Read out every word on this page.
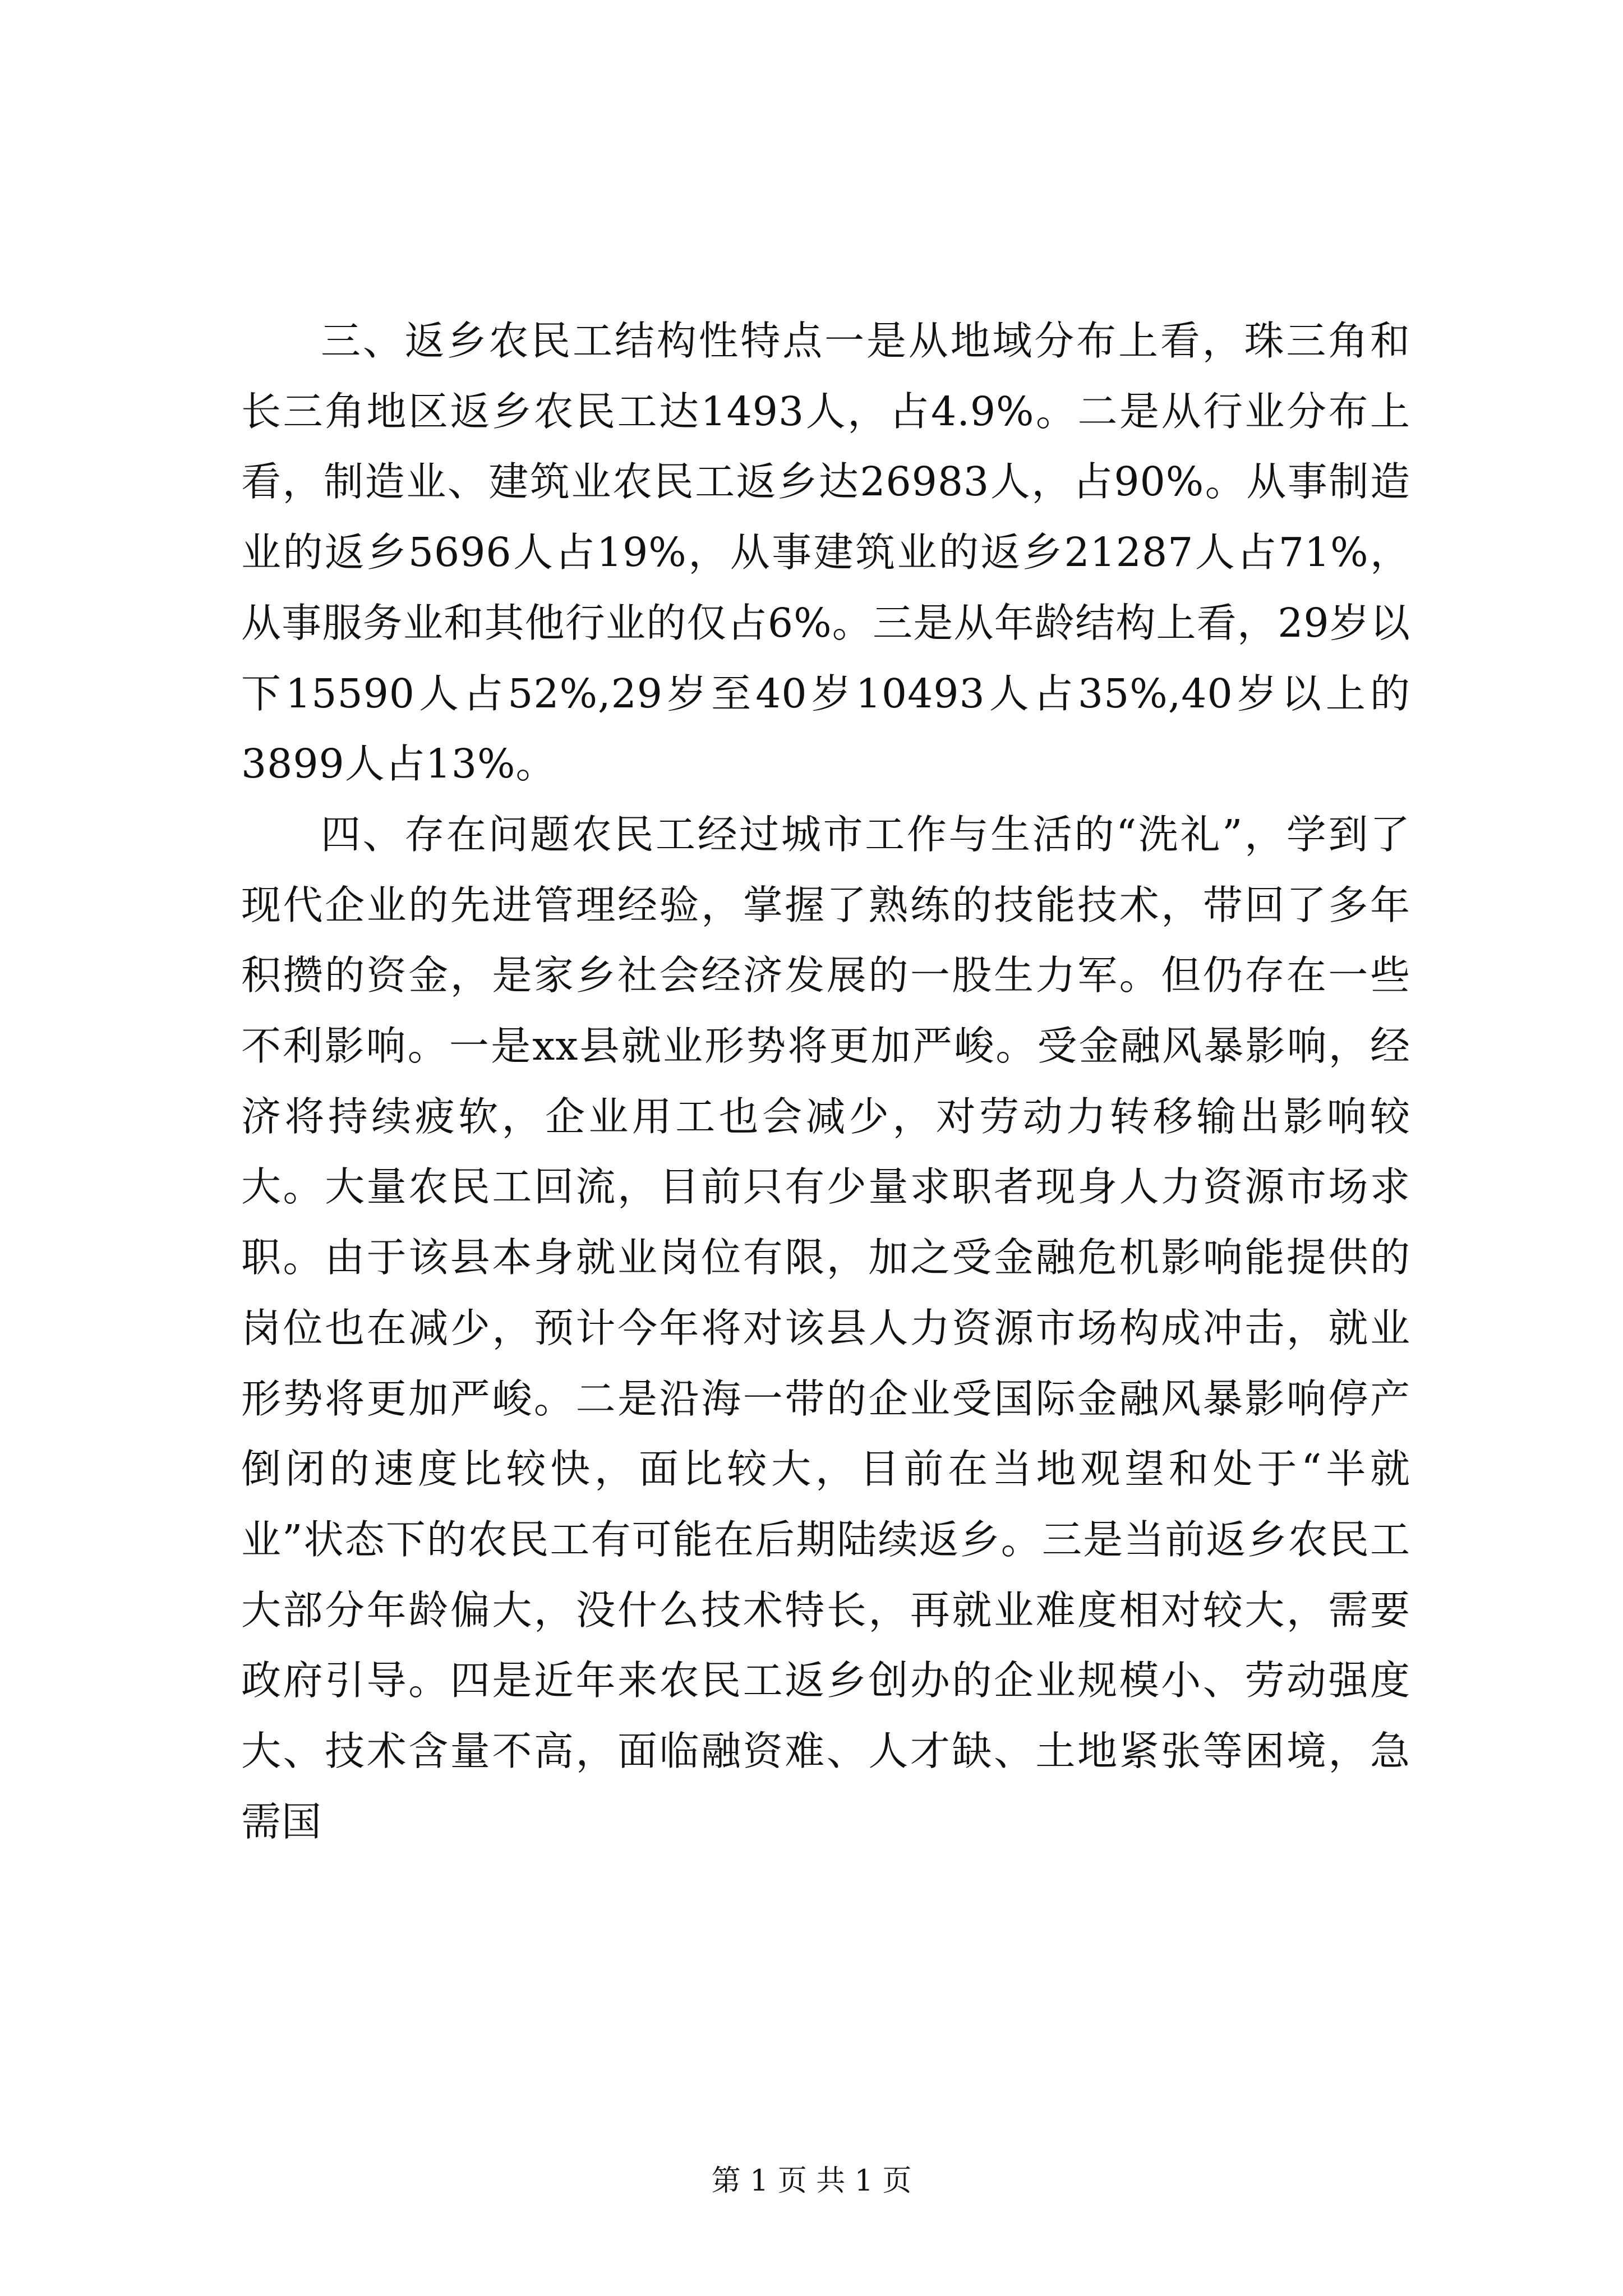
三、返乡农民工结构性特点一是从地域分布上看，珠三角和长三角地区返乡农民工达1493人，占4.9%。二是从行业分布上看，制造业、建筑业农民工返乡达26983人，占90%。从事制造业的返乡5696人占19%，从事建筑业的返乡21287人占71%，从事服务业和其他行业的仅占6%。三是从年龄结构上看，29岁以下15590人占52%,29岁至40岁10493人占35%,40岁以上的3899人占13%。

四、存在问题农民工经过城市工作与生活的“洗礼”，学到了现代企业的先进管理经验，掌握了熟练的技能技术，带回了多年积攒的资金，是家乡社会经济发展的一股生力军。但仍存在一些不利影响。一是xx县就业形势将更加严峻。受金融风暴影响，经济将持续疲软，企业用工也会减少，对劳动力转移输出影响较大。大量农民工回流，目前只有少量求职者现身人力资源市场求职。由于该县本身就业岗位有限，加之受金融危机影响能提供的岗位也在减少，预计今年将对该县人力资源市场构成冲击，就业形势将更加严峻。二是沿海一带的企业受国际金融风暴影响停产倒闭的速度比较快，面比较大，目前在当地观望和处于“半就业”状态下的农民工有可能在后期陆续返乡。三是当前返乡农民工大部分年龄偏大，没什么技术特长，再就业难度相对较大，需要政府引导。四是近年来农民工返乡创办的企业规模小、劳动强度大、技术含量不高，面临融资难、人才缺、土地紧张等困境，急需国

第 1 页 共 1 页
